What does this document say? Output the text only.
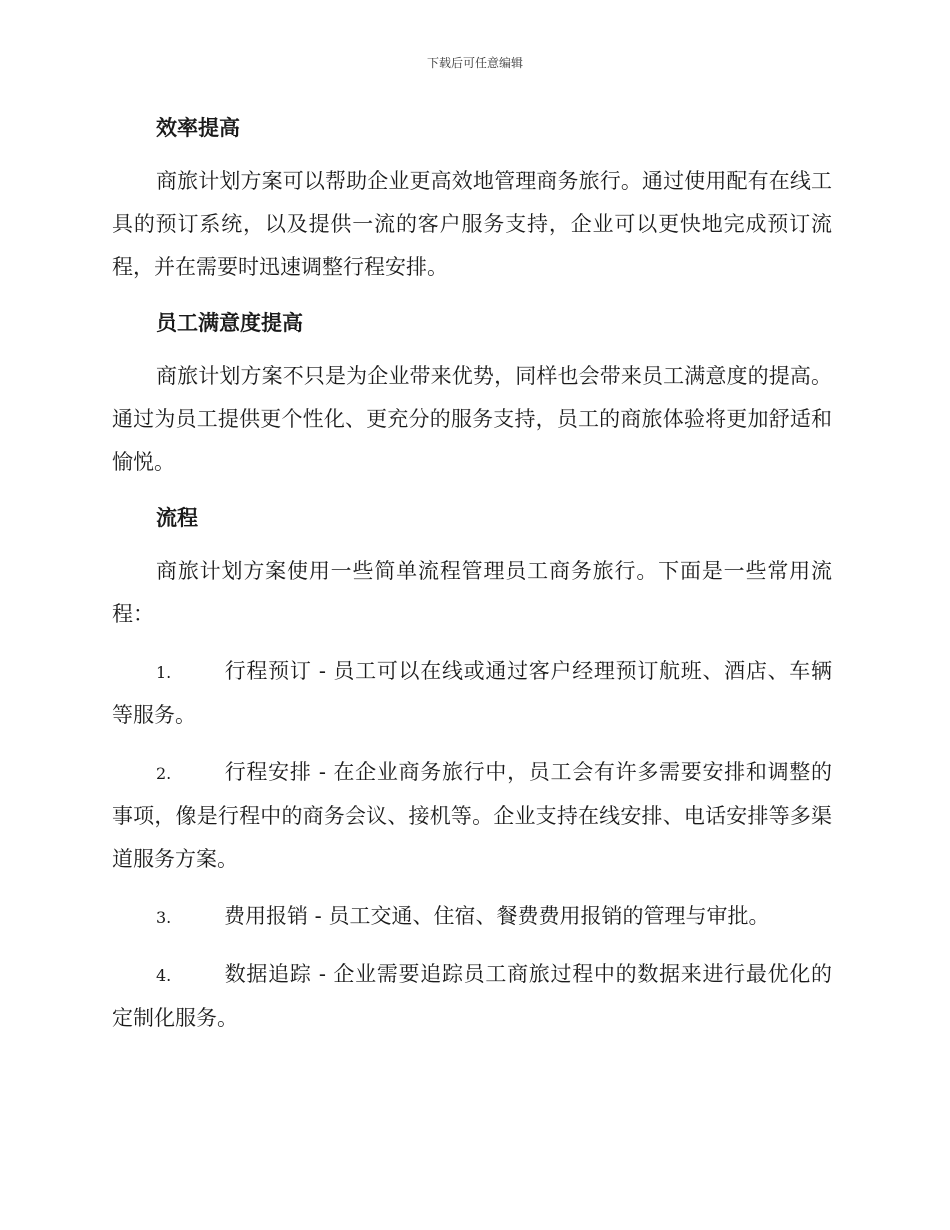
下载后可任意编辑
效率提高

商旅计划方案可以帮助企业更高效地管理商务旅行。通过使用配有在线工具的预订系统，以及提供一流的客户服务支持，企业可以更快地完成预订流程，并在需要时迅速调整行程安排。

员工满意度提高

商旅计划方案不只是为企业带来优势，同样也会带来员工满意度的提高。通过为员工提供更个性化、更充分的服务支持，员工的商旅体验将更加舒适和愉悦。

流程

商旅计划方案使用一些简单流程管理员工商务旅行。下面是一些常用流程：

1.	行程预订 - 员工可以在线或通过客户经理预订航班、酒店、车辆等服务。

2.	行程安排 - 在企业商务旅行中，员工会有许多需要安排和调整的事项，像是行程中的商务会议、接机等。企业支持在线安排、电话安排等多渠道服务方案。

3.	费用报销 - 员工交通、住宿、餐费费用报销的管理与审批。

4.	数据追踪 - 企业需要追踪员工商旅过程中的数据来进行最优化的定制化服务。
